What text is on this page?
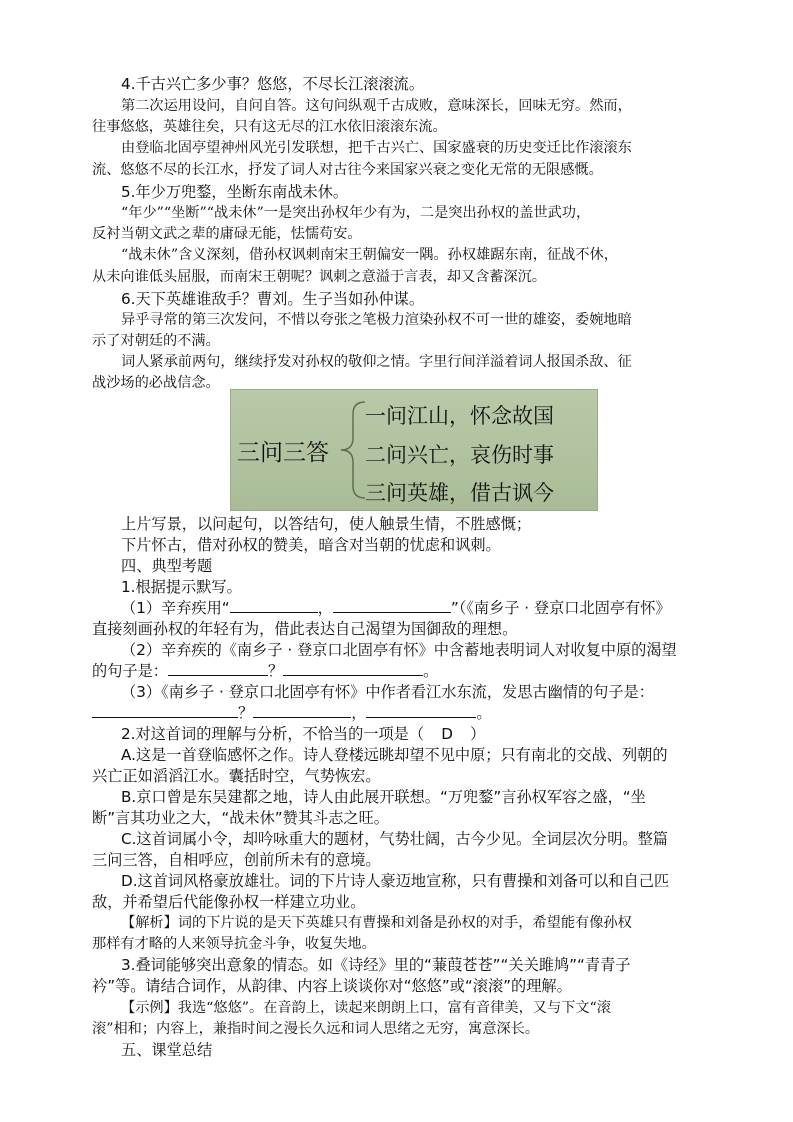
4.千古兴亡多少事？悠悠，不尽长江滚滚流。
第二次运用设问，自问自答。这句问纵观千古成败，意味深长，回味无穷。然而，
往事悠悠，英雄往矣，只有这无尽的江水依旧滚滚东流。
由登临北固亭望神州风光引发联想，把千古兴亡、国家盛衰的历史变迁比作滚滚东
流、悠悠不尽的长江水，抒发了词人对古往今来国家兴衰之变化无常的无限感慨。
5.年少万兜鍪，坐断东南战未休。
“年少”“坐断”“战未休”一是突出孙权年少有为，二是突出孙权的盖世武功，
反衬当朝文武之辈的庸碌无能，怯懦苟安。
“战未休”含义深刻，借孙权讽刺南宋王朝偏安一隅。孙权雄踞东南，征战不休，
从未向谁低头屈服，而南宋王朝呢？讽刺之意溢于言表，却又含蓄深沉。
6.天下英雄谁敌手？曹刘。生子当如孙仲谋。
异乎寻常的第三次发问，不惜以夸张之笔极力渲染孙权不可一世的雄姿，委婉地暗
示了对朝廷的不满。
词人紧承前两句，继续抒发对孙权的敬仰之情。字里行间洋溢着词人报国杀敌、征
战沙场的必战信念。
三问三答
一问江山，怀念故国
二问兴亡，哀伤时事
三问英雄，借古讽今
上片写景，以问起句，以答结句，使人触景生情，不胜感慨；
下片怀古，借对孙权的赞美，暗含对当朝的忧虑和讽刺。
四、典型考题
1.根据提示默写。
（1）辛弃疾用“	，	”（《南乡子 · 登京口北固亭有怀》
直接刻画孙权的年轻有为，借此表达自己渴望为国御敌的理想。
（2）辛弃疾的《南乡子 · 登京口北固亭有怀》中含蓄地表明词人对收复中原的渴望
的句子是：	？	。
（3）《南乡子 · 登京口北固亭有怀》中作者看江水东流，发思古幽情的句子是：
？	，	。
2.对这首词的理解与分析，不恰当的一项是（ D ）
A.这是一首登临感怀之作。诗人登楼远眺却望不见中原；只有南北的交战、列朝的
兴亡正如滔滔江水。囊括时空，气势恢宏。
B.京口曾是东吴建都之地，诗人由此展开联想。“万兜鍪”言孙权军容之盛，“坐
断”言其功业之大，“战未休”赞其斗志之旺。
C.这首词属小令，却吟咏重大的题材，气势壮阔，古今少见。全词层次分明。整篇
三问三答，自相呼应，创前所未有的意境。
D.这首词风格豪放雄壮。词的下片诗人豪迈地宣称，只有曹操和刘备可以和自己匹
敌，并希望后代能像孙权一样建立功业。
【解析】词的下片说的是天下英雄只有曹操和刘备是孙权的对手，希望能有像孙权
那样有才略的人来领导抗金斗争，收复失地。
3.叠词能够突出意象的情态。如《诗经》里的“蒹葭苍苍”“关关雎鸠”“青青子
衿”等。请结合词作，从韵律、内容上谈谈你对“悠悠”或“滚滚”的理解。
【示例】我选“悠悠”。在音韵上，读起来朗朗上口，富有音律美，又与下文“滚
滚”相和；内容上，兼指时间之漫长久远和词人思绪之无穷，寓意深长。
五、课堂总结
